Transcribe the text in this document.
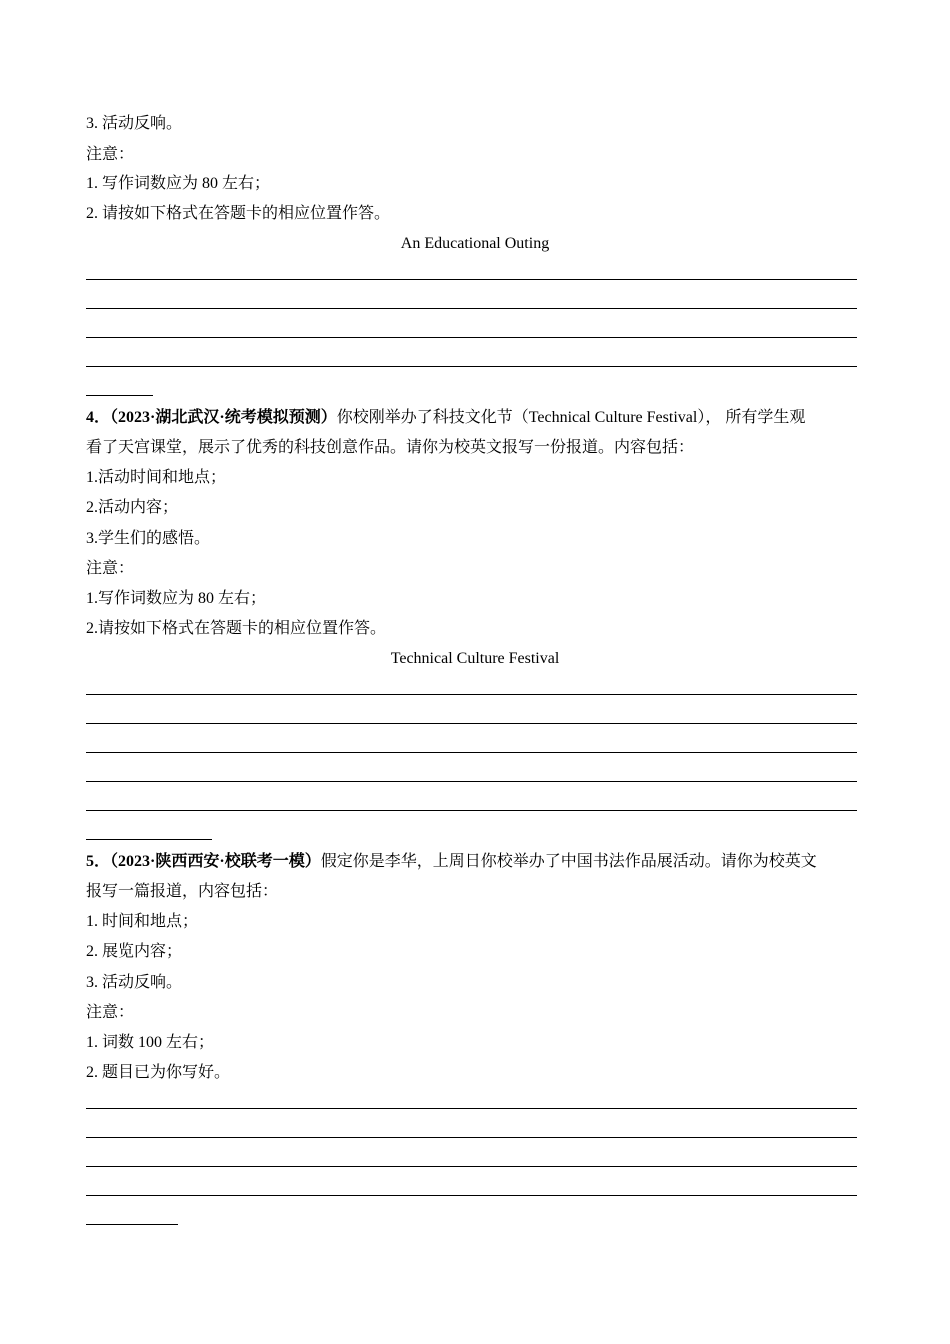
3. 活动反响。
注意：
1. 写作词数应为 80 左右；
2. 请按如下格式在答题卡的相应位置作答。
An Educational Outing
4．（2023·湖北武汉·统考模拟预测）你校刚举办了科技文化节（Technical Culture Festival）， 所有学生观
看了天宫课堂，展示了优秀的科技创意作品。请你为校英文报写一份报道。内容包括：
1.活动时间和地点；
2.活动内容；
3.学生们的感悟。
注意：
1.写作词数应为 80 左右；
2.请按如下格式在答题卡的相应位置作答。
Technical Culture Festival
5．（2023·陕西西安·校联考一模）假定你是李华，上周日你校举办了中国书法作品展活动。请你为校英文
报写一篇报道，内容包括：
1. 时间和地点；
2. 展览内容；
3. 活动反响。
注意：
1. 词数 100 左右；
2. 题目已为你写好。
